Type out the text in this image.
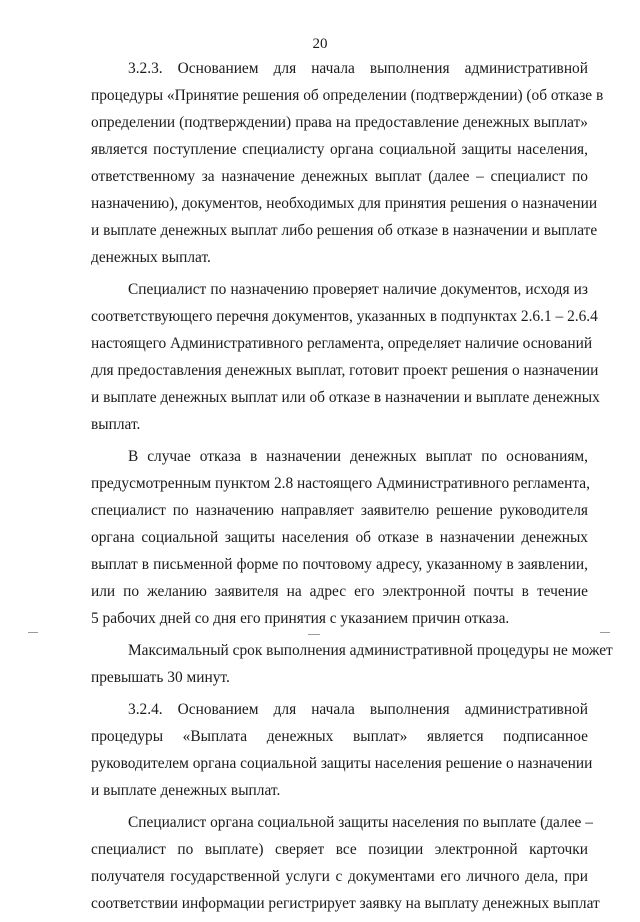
20
3.2.3. Основанием для начала выполнения административной
процедуры «Принятие решения об определении (подтверждении) (об отказе в
определении (подтверждении) права на предоставление денежных выплат»
является поступление специалисту органа социальной защиты населения,
ответственному за назначение денежных выплат (далее – специалист по
назначению), документов, необходимых для принятия решения о назначении
и выплате денежных выплат либо решения об отказе в назначении и выплате
денежных выплат.
Специалист по назначению проверяет наличие документов, исходя из
соответствующего перечня документов, указанных в подпунктах 2.6.1 – 2.6.4
настоящего Административного регламента, определяет наличие оснований
для предоставления денежных выплат, готовит проект решения о назначении
и выплате денежных выплат или об отказе в назначении и выплате денежных
выплат.
В случае отказа в назначении денежных выплат по основаниям,
предусмотренным пунктом 2.8 настоящего Административного регламента,
специалист по назначению направляет заявителю решение руководителя
органа социальной защиты населения об отказе в назначении денежных
выплат в письменной форме по почтовому адресу, указанному в заявлении,
или по желанию заявителя на адрес его электронной почты в течение
5 рабочих дней со дня его принятия с указанием причин отказа.
Максимальный срок выполнения административной процедуры не может
превышать 30 минут.
3.2.4. Основанием для начала выполнения административной
процедуры «Выплата денежных выплат» является подписанное
руководителем органа социальной защиты населения решение о назначении
и выплате денежных выплат.
Специалист органа социальной защиты населения по выплате (далее –
специалист по выплате) сверяет все позиции электронной карточки
получателя государственной услуги с документами его личного дела, при
соответствии информации регистрирует заявку на выплату денежных выплат
